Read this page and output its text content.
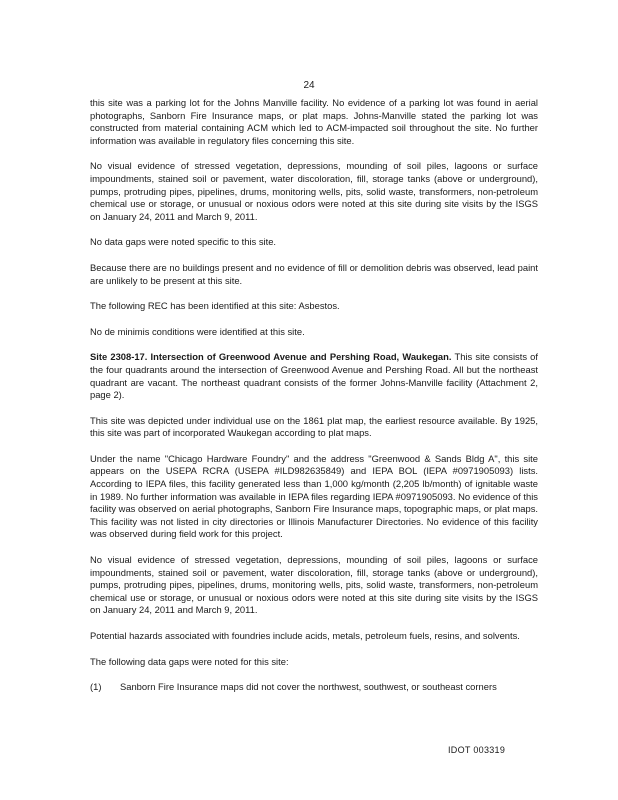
24

this site was a parking lot for the Johns Manville facility. No evidence of a parking lot was found in aerial photographs, Sanborn Fire Insurance maps, or plat maps. Johns-Manville stated the parking lot was constructed from material containing ACM which led to ACM-impacted soil throughout the site. No further information was available in regulatory files concerning this site.

No visual evidence of stressed vegetation, depressions, mounding of soil piles, lagoons or surface impoundments, stained soil or pavement, water discoloration, fill, storage tanks (above or underground), pumps, protruding pipes, pipelines, drums, monitoring wells, pits, solid waste, transformers, non-petroleum chemical use or storage, or unusual or noxious odors were noted at this site during site visits by the ISGS on January 24, 2011 and March 9, 2011.

No data gaps were noted specific to this site.

Because there are no buildings present and no evidence of fill or demolition debris was observed, lead paint are unlikely to be present at this site.

The following REC has been identified at this site: Asbestos.

No de minimis conditions were identified at this site.

Site 2308-17. Intersection of Greenwood Avenue and Pershing Road, Waukegan. This site consists of the four quadrants around the intersection of Greenwood Avenue and Pershing Road. All but the northeast quadrant are vacant. The northeast quadrant consists of the former Johns-Manville facility (Attachment 2, page 2).

This site was depicted under individual use on the 1861 plat map, the earliest resource available. By 1925, this site was part of incorporated Waukegan according to plat maps.

Under the name "Chicago Hardware Foundry" and the address "Greenwood & Sands Bldg A", this site appears on the USEPA RCRA (USEPA #ILD982635849) and IEPA BOL (IEPA #0971905093) lists. According to IEPA files, this facility generated less than 1,000 kg/month (2,205 lb/month) of ignitable waste in 1989. No further information was available in IEPA files regarding IEPA #0971905093. No evidence of this facility was observed on aerial photographs, Sanborn Fire Insurance maps, topographic maps, or plat maps. This facility was not listed in city directories or Illinois Manufacturer Directories. No evidence of this facility was observed during field work for this project.

No visual evidence of stressed vegetation, depressions, mounding of soil piles, lagoons or surface impoundments, stained soil or pavement, water discoloration, fill, storage tanks (above or underground), pumps, protruding pipes, pipelines, drums, monitoring wells, pits, solid waste, transformers, non-petroleum chemical use or storage, or unusual or noxious odors were noted at this site during site visits by the ISGS on January 24, 2011 and March 9, 2011.

Potential hazards associated with foundries include acids, metals, petroleum fuels, resins, and solvents.

The following data gaps were noted for this site:

(1)	Sanborn Fire Insurance maps did not cover the northwest, southwest, or southeast corners
IDOT 003319
